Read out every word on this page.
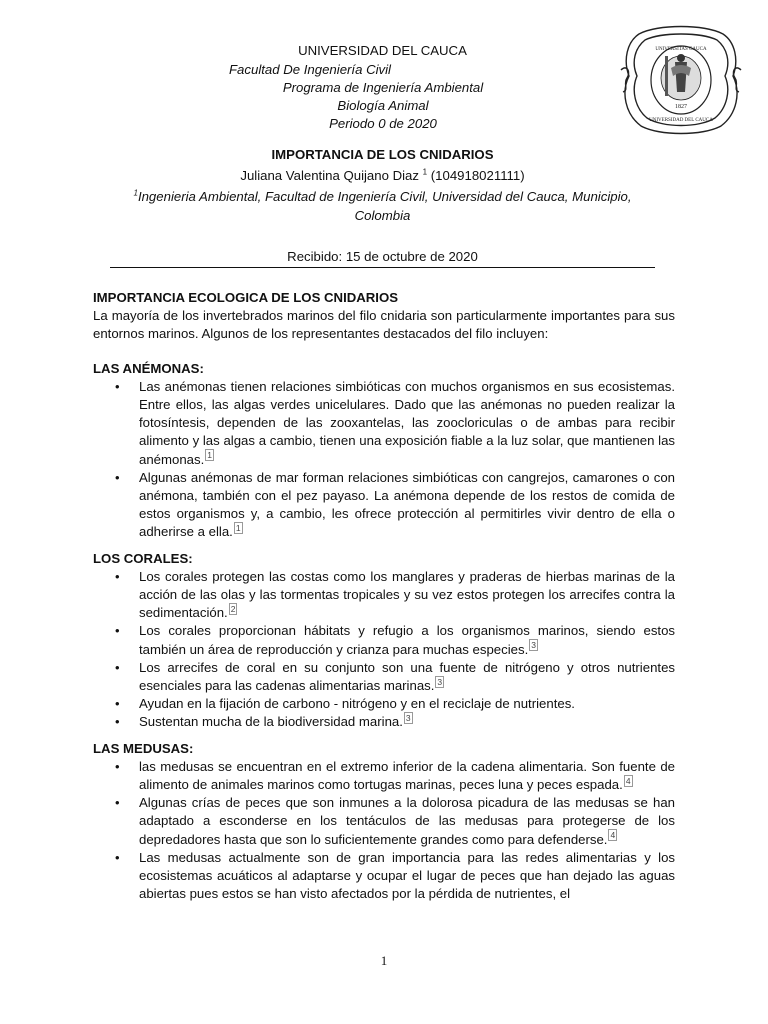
UNIVERSIDAD DEL CAUCA
Facultad De Ingeniería Civil
Programa de Ingeniería Ambiental
Biología Animal
Periodo 0 de 2020
IMPORTANCIA DE LOS CNIDARIOS
Juliana Valentina Quijano Diaz $^1$ (104918021111)
$^1$Ingenieria Ambiental, Facultad de Ingeniería Civil, Universidad del Cauca, Municipio,
Colombia
Recibido: 15 de octubre de 2020
UNIVERSITAS CAUCA
1827
UNIVERSIDAD DEL CAUCA

IMPORTANCIA ECOLOGICA DE LOS CNIDARIOS

La mayoría de los invertebrados marinos del filo cnidaria son particularmente importantes para sus entornos marinos. Algunos de los representantes destacados del filo incluyen:

LAS ANÉMONAS:

• Las anémonas tienen relaciones simbióticas con muchos organismos en sus ecosistemas. Entre ellos, las algas verdes unicelulares. Dado que las anémonas no pueden realizar la fotosíntesis, dependen de las zooxantelas, las zoocloriculas o de ambas para recibir alimento y las algas a cambio, tienen una exposición fiable a la luz solar, que mantienen las anémonas. $^1$
• Algunas anémonas de mar forman relaciones simbióticas con cangrejos, camarones o con anémona, también con el pez payaso. La anémona depende de los restos de comida de estos organismos y, a cambio, les ofrece protección al permitirles vivir dentro de ella o adherirse a ella. $^1$

LOS CORALES:

• Los corales protegen las costas como los manglares y praderas de hierbas marinas de la acción de las olas y las tormentas tropicales y su vez estos protegen los arrecifes contra la sedimentación. $^2$
• Los corales proporcionan hábitats y refugio a los organismos marinos, siendo estos también un área de reproducción y crianza para muchas especies. $^3$
• Los arrecifes de coral en su conjunto son una fuente de nitrógeno y otros nutrientes esenciales para las cadenas alimentarias marinas. $^3$
• Ayudan en la fijación de carbono - nitrógeno y en el reciclaje de nutrientes.
• Sustentan mucha de la biodiversidad marina. $^3$

LAS MEDUSAS:

• las medusas se encuentran en el extremo inferior de la cadena alimentaria. Son fuente de alimento de animales marinos como tortugas marinas, peces luna y peces espada. $^4$
• Algunas crías de peces que son inmunes a la dolorosa picadura de las medusas se han adaptado a esconderse en los tentáculos de las medusas para protegerse de los depredadores hasta que son lo suficientemente grandes como para defenderse. $^4$
• Las medusas actualmente son de gran importancia para las redes alimentarias y los ecosistemas acuáticos al adaptarse y ocupar el lugar de peces que han dejado las aguas abiertas pues estos se han visto afectados por la pérdida de nutrientes, el
1
